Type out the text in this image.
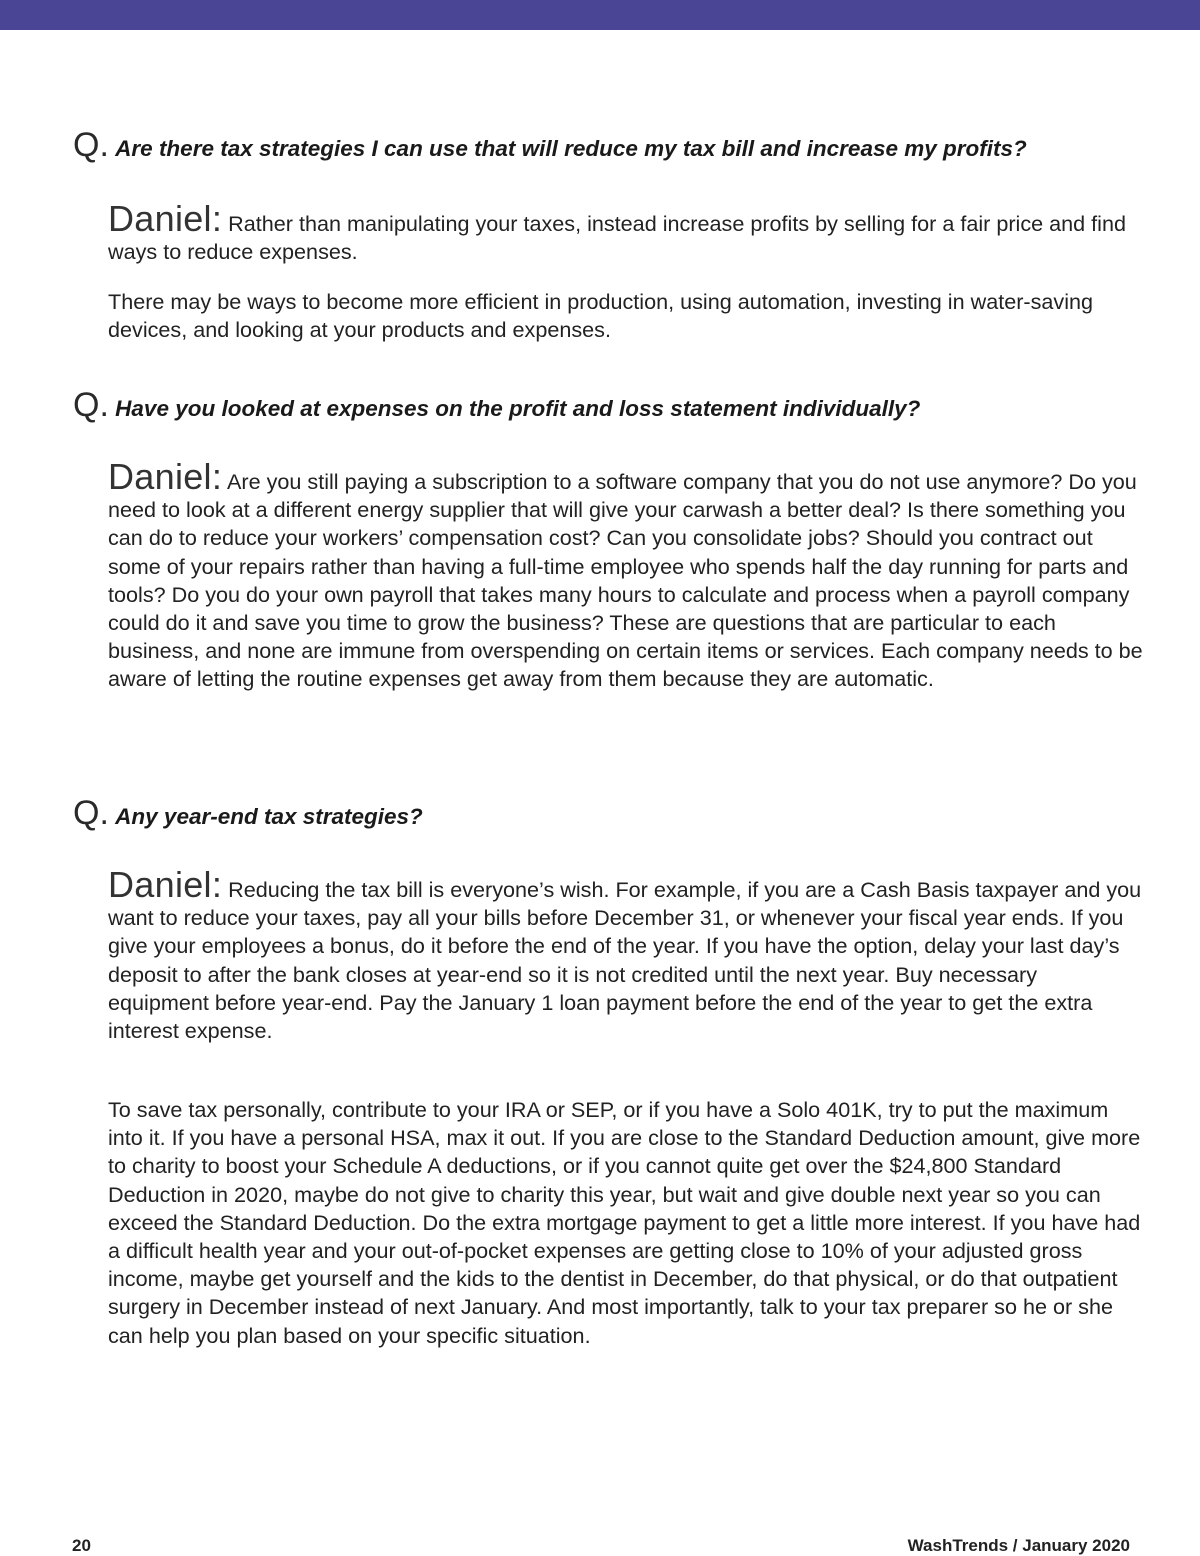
Q. Are there tax strategies I can use that will reduce my tax bill and increase my profits?

Daniel: Rather than manipulating your taxes, instead increase profits by selling for a fair price and find ways to reduce expenses.

There may be ways to become more efficient in production, using automation, investing in water-saving devices, and looking at your products and expenses.

Q. Have you looked at expenses on the profit and loss statement individually?

Daniel: Are you still paying a subscription to a software company that you do not use anymore? Do you need to look at a different energy supplier that will give your carwash a better deal? Is there something you can do to reduce your workers’ compensation cost? Can you consolidate jobs? Should you contract out some of your repairs rather than having a full-time employee who spends half the day running for parts and tools? Do you do your own payroll that takes many hours to calculate and process when a payroll company could do it and save you time to grow the business? These are questions that are particular to each business, and none are immune from overspending on certain items or services. Each company needs to be aware of letting the routine expenses get away from them because they are automatic.

Q. Any year-end tax strategies?

Daniel: Reducing the tax bill is everyone’s wish. For example, if you are a Cash Basis taxpayer and you want to reduce your taxes, pay all your bills before December 31, or whenever your fiscal year ends. If you give your employees a bonus, do it before the end of the year. If you have the option, delay your last day’s deposit to after the bank closes at year-end so it is not credited until the next year. Buy necessary equipment before year-end. Pay the January 1 loan payment before the end of the year to get the extra interest expense.

To save tax personally, contribute to your IRA or SEP, or if you have a Solo 401K, try to put the maximum into it. If you have a personal HSA, max it out. If you are close to the Standard Deduction amount, give more to charity to boost your Schedule A deductions, or if you cannot quite get over the $24,800 Standard Deduction in 2020, maybe do not give to charity this year, but wait and give double next year so you can exceed the Standard Deduction. Do the extra mortgage payment to get a little more interest. If you have had a difficult health year and your out-of-pocket expenses are getting close to 10% of your adjusted gross income, maybe get yourself and the kids to the dentist in December, do that physical, or do that outpatient surgery in December instead of next January. And most importantly, talk to your tax preparer so he or she can help you plan based on your specific situation.

20	WashTrends / January 2020
